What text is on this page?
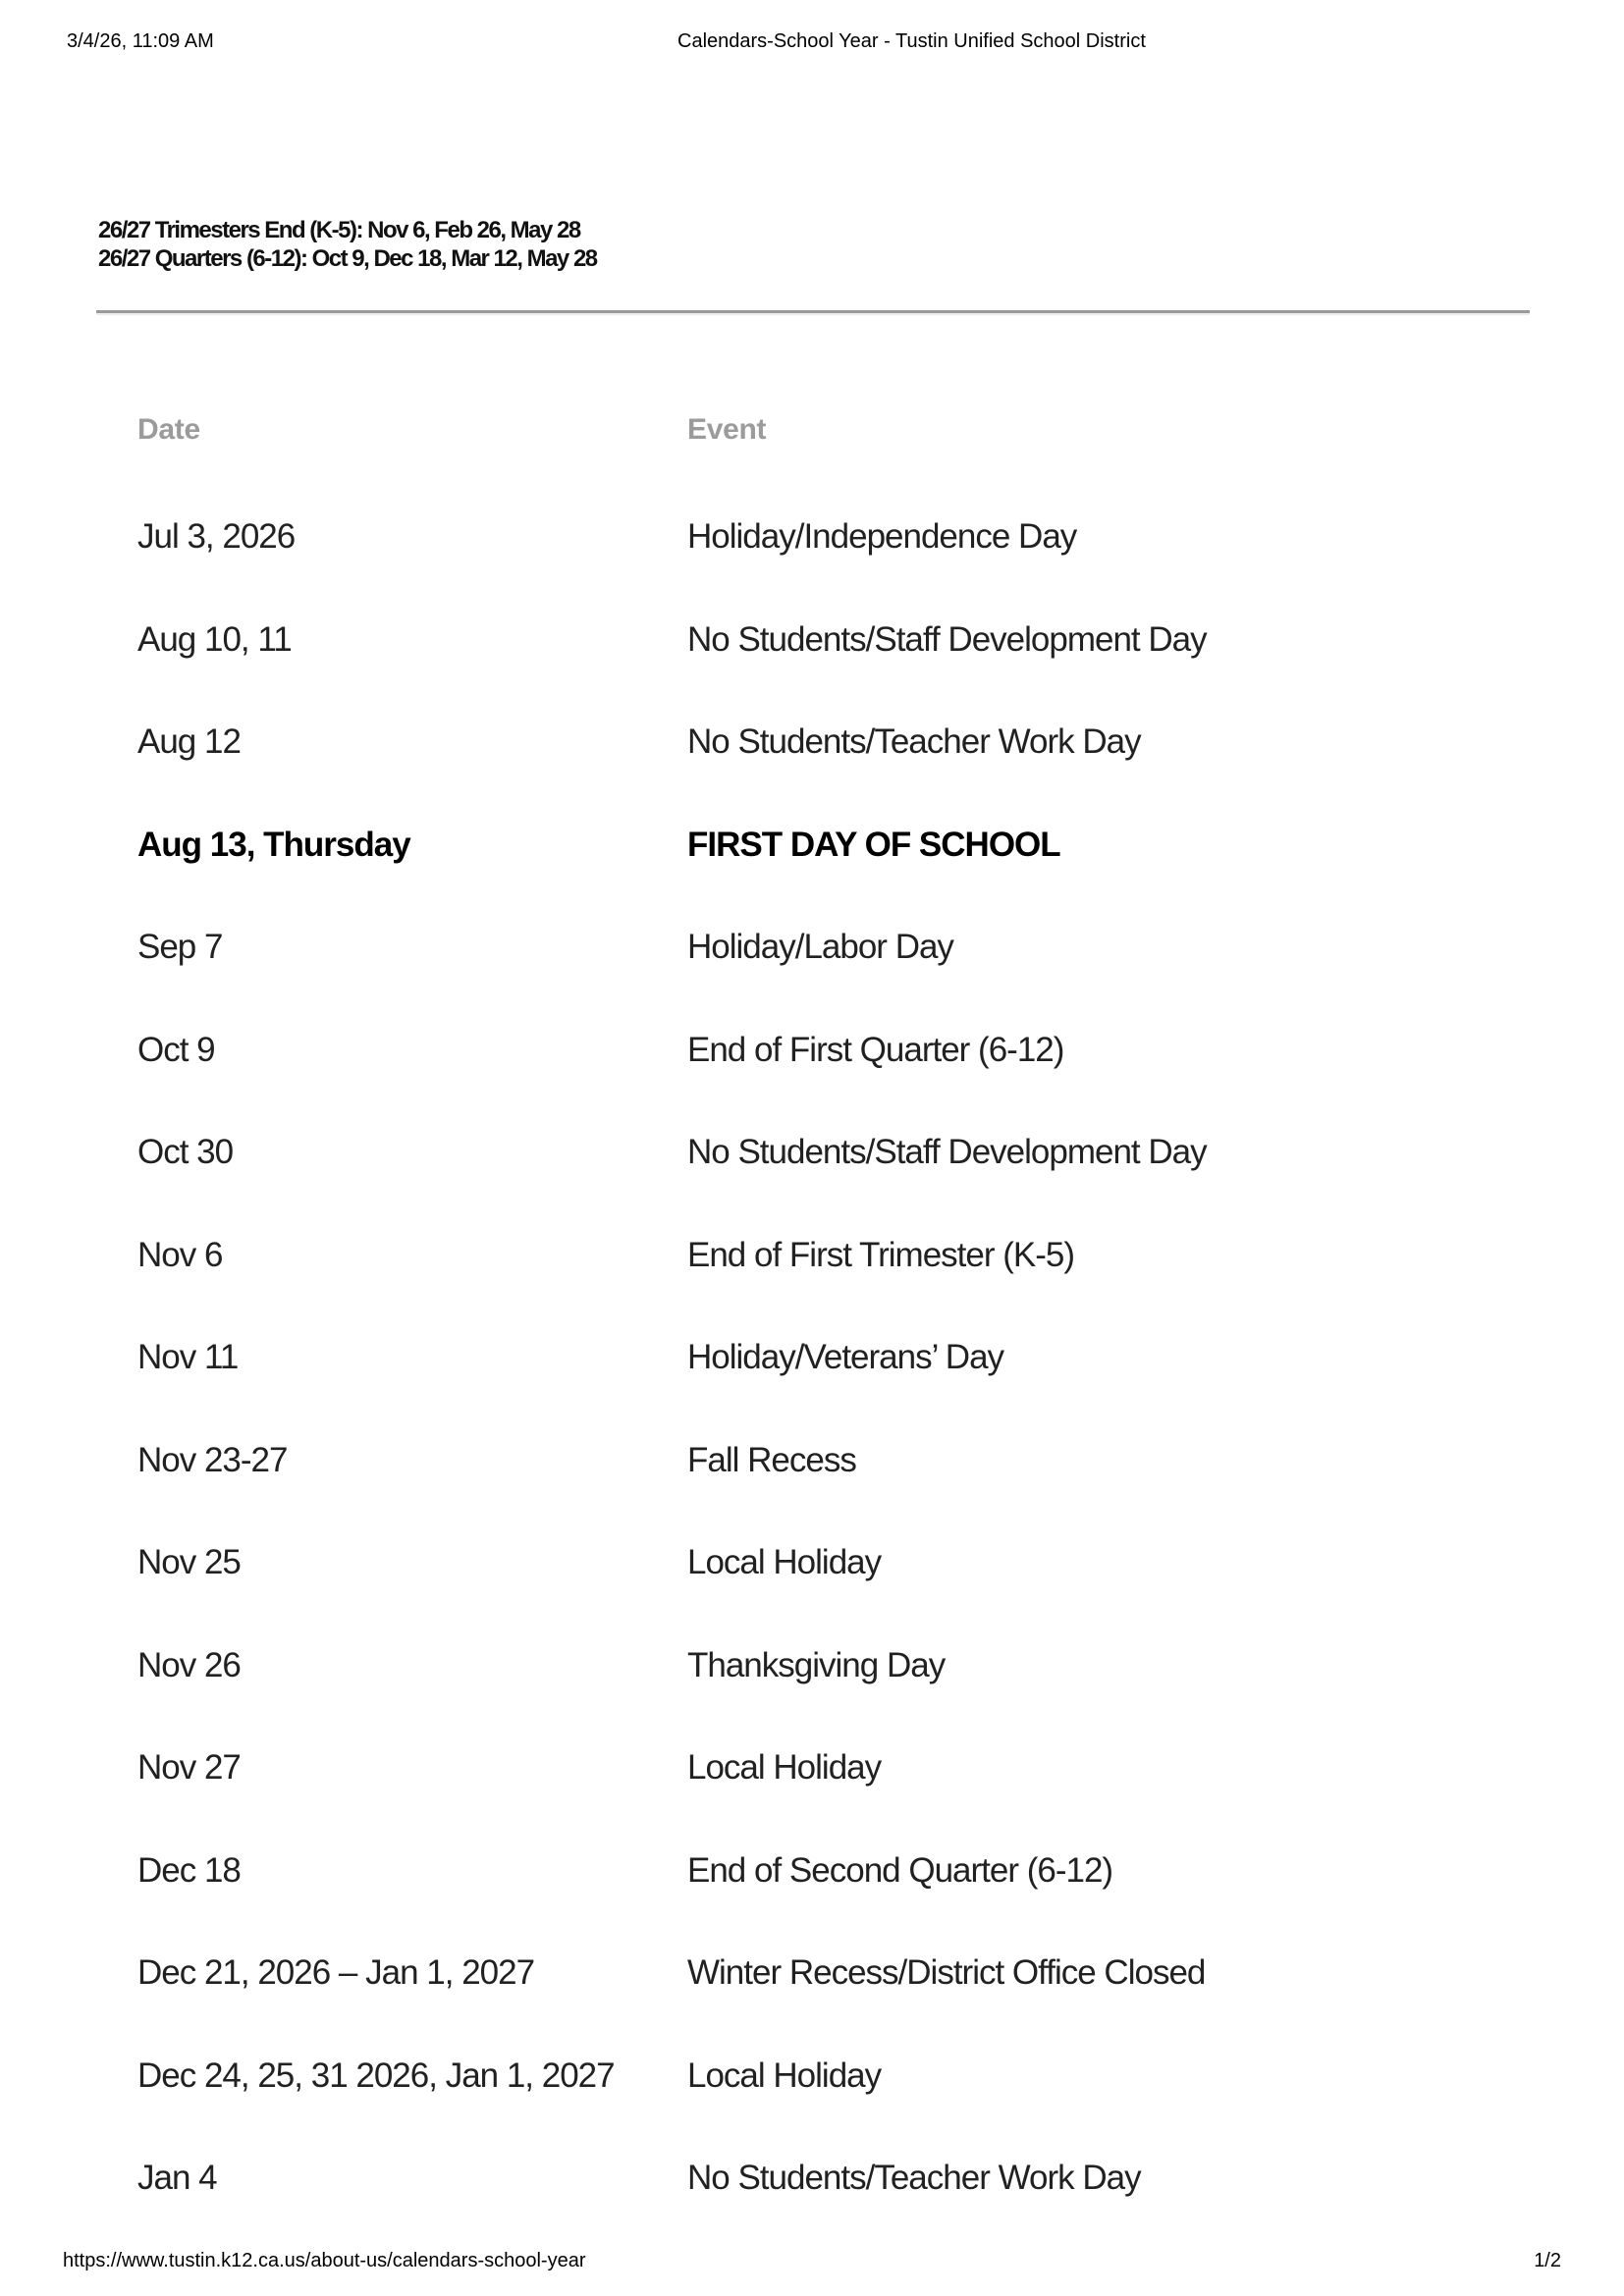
3/4/26, 11:09 AM	Calendars-School Year - Tustin Unified School District
26/27 Trimesters End (K-5): Nov 6, Feb 26, May 28
26/27 Quarters (6-12): Oct 9, Dec 18, Mar 12, May 28
Date	Event
Jul 3, 2026	Holiday/Independence Day
Aug 10, 11	No Students/Staff Development Day
Aug 12	No Students/Teacher Work Day
Aug 13, Thursday	FIRST DAY OF SCHOOL
Sep 7	Holiday/Labor Day
Oct 9	End of First Quarter (6-12)
Oct 30	No Students/Staff Development Day
Nov 6	End of First Trimester (K-5)
Nov 11	Holiday/Veterans’ Day
Nov 23-27	Fall Recess
Nov 25	Local Holiday
Nov 26	Thanksgiving Day
Nov 27	Local Holiday
Dec 18	End of Second Quarter (6-12)
Dec 21, 2026 – Jan 1, 2027	Winter Recess/District Office Closed
Dec 24, 25, 31 2026, Jan 1, 2027	Local Holiday
Jan 4	No Students/Teacher Work Day
https://www.tustin.k12.ca.us/about-us/calendars-school-year	1/2
